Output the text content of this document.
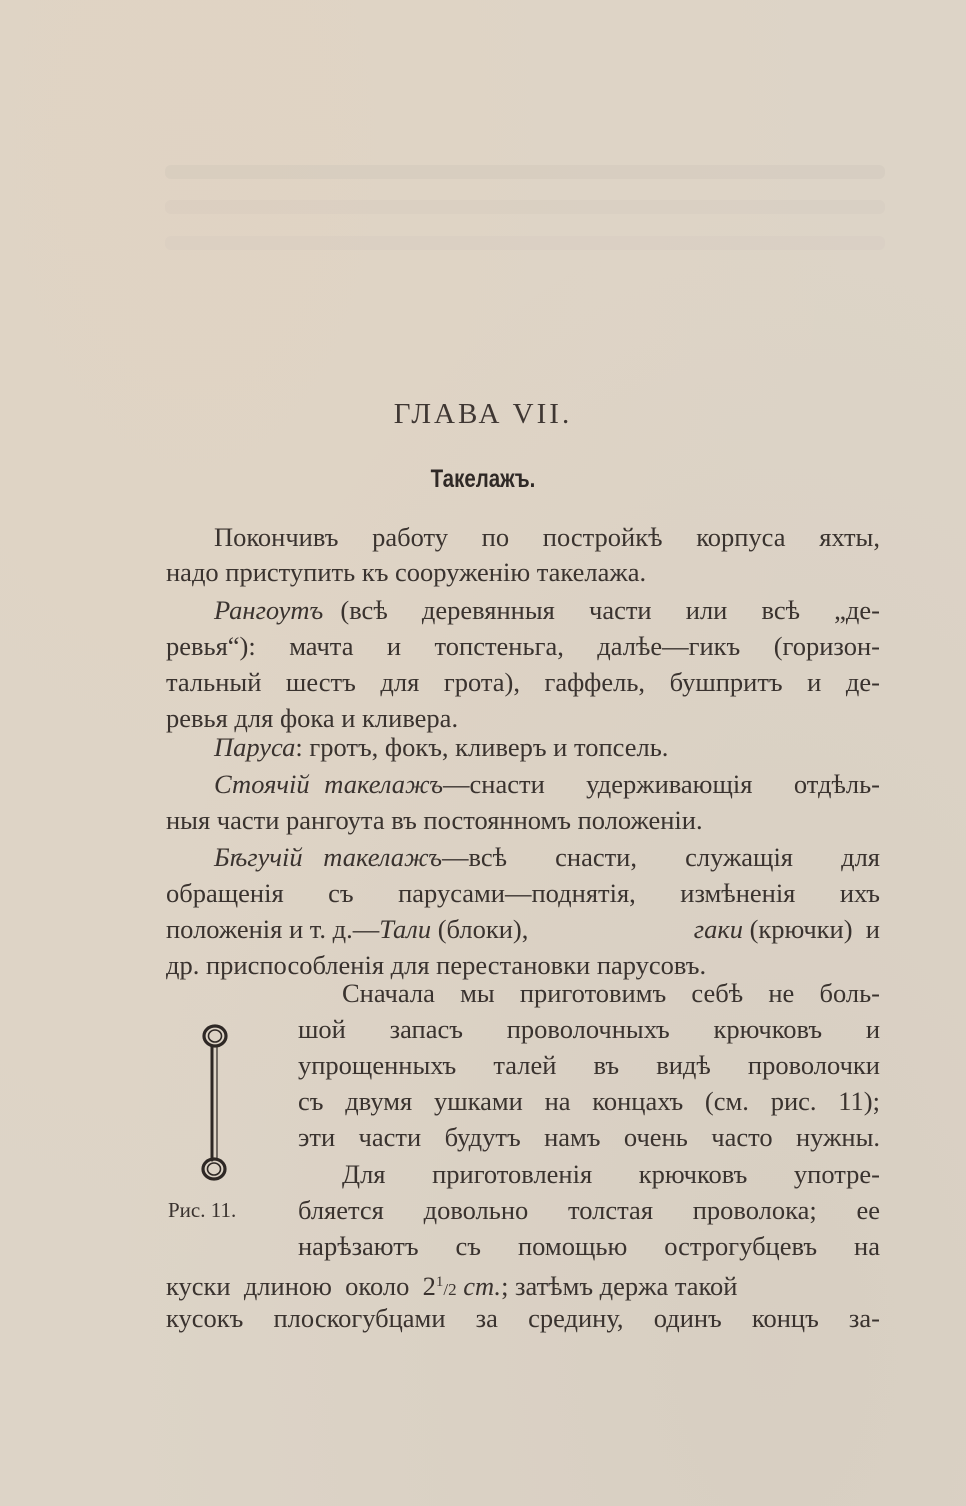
ГЛАВА VII.
Такелажъ.
Покончивъ работу по постройкѣ корпуса яхты,
надо приступить къ сооруженію такелажа.
Рангоутъ (всѣ  деревянныя  части  или  всѣ  „де-
ревья“): мачта и топстеньга, далѣе—гикъ (горизон-
тальный шестъ для грота), гаффель, бушпритъ и де-
ревья для фока и кливера.
Паруса: гротъ, фокъ, кливеръ и топсель.
Стоячій такелажъ —снасти удерживающія отдѣль-
ныя части рангоута въ постоянномъ положеніи.
Бѣгучій такелажъ —всѣ снасти, служащія для
обращенія съ парусами—поднятія, измѣненія ихъ
положенія и т. д.—Тали (блоки),	гаки (крючки)  и
др. приспособленія для перестановки парусовъ.
Сначала мы приготовимъ себѣ не боль-
шой запасъ проволочныхъ крючковъ и
упрощенныхъ талей въ видѣ проволочки
съ двумя ушками на концахъ (см. рис. 11);
эти части будутъ намъ очень часто нужны.
Для приготовленія крючковъ употре-
бляется довольно толстая проволока; ее
нарѣзаютъ съ помощью острогубцевъ на
куски  длиною  около  $2^1/2$ ст.; затѣмъ держа такой
кусокъ плоскогубцами за средину, одинъ концъ за-
Рис. 11.
